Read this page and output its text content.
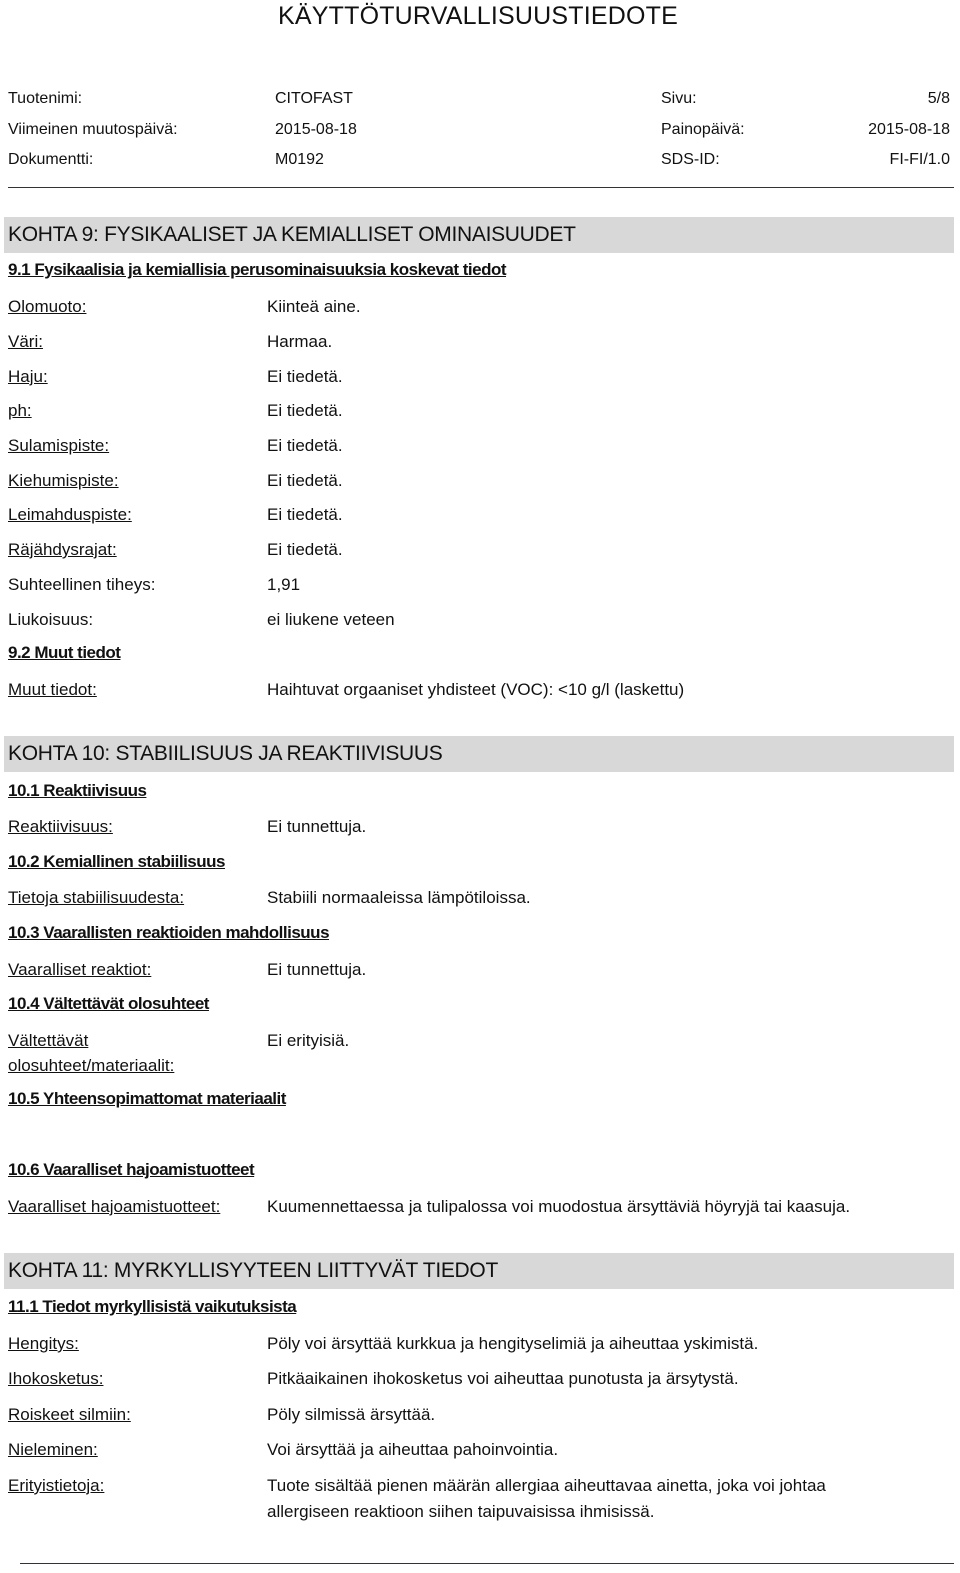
KÄYTTÖTURVALLISUUSTIEDOTE
Tuotenimi:	CITOFAST	Sivu:	5/8
Viimeinen muutospäivä:	2015-08-18	Painopäivä:	2015-08-18
Dokumentti:	M0192	SDS-ID:	FI-FI/1.0
KOHTA 9: FYSIKAALISET JA KEMIALLISET OMINAISUUDET
9.1 Fysikaalisia ja kemiallisia perusominaisuuksia koskevat tiedot
Olomuoto:	Kiinteä aine.
Väri:	Harmaa.
Haju:	Ei tiedetä.
ph:	Ei tiedetä.
Sulamispiste:	Ei tiedetä.
Kiehumispiste:	Ei tiedetä.
Leimahduspiste:	Ei tiedetä.
Räjähdysrajat:	Ei tiedetä.
Suhteellinen tiheys:	1,91
Liukoisuus:	ei liukene veteen
9.2 Muut tiedot
Muut tiedot:	Haihtuvat orgaaniset yhdisteet (VOC): <10 g/l (laskettu)
KOHTA 10: STABIILISUUS JA REAKTIIVISUUS
10.1 Reaktiivisuus
Reaktiivisuus:	Ei tunnettuja.
10.2 Kemiallinen stabiilisuus
Tietoja stabiilisuudesta:	Stabiili normaaleissa lämpötiloissa.
10.3 Vaarallisten reaktioiden mahdollisuus
Vaaralliset reaktiot:	Ei tunnettuja.
10.4 Vältettävät olosuhteet
Vältettävät
olosuhteet/materiaalit:
Ei erityisiä.
10.5 Yhteensopimattomat materiaalit
10.6 Vaaralliset hajoamistuotteet
Vaaralliset hajoamistuotteet:	Kuumennettaessa ja tulipalossa voi muodostua ärsyttäviä höyryjä tai kaasuja.
KOHTA 11: MYRKYLLISYYTEEN LIITTYVÄT TIEDOT
11.1 Tiedot myrkyllisistä vaikutuksista
Hengitys:	Pöly voi ärsyttää kurkkua ja hengityselimiä ja aiheuttaa yskimistä.
Ihokosketus:	Pitkäaikainen ihokosketus voi aiheuttaa punotusta ja ärsytystä.
Roiskeet silmiin:	Pöly silmissä ärsyttää.
Nieleminen:	Voi ärsyttää ja aiheuttaa pahoinvointia.
Erityistietoja:	Tuote sisältää pienen määrän allergiaa aiheuttavaa ainetta, joka voi johtaa
allergiseen reaktioon siihen taipuvaisissa ihmisissä.
